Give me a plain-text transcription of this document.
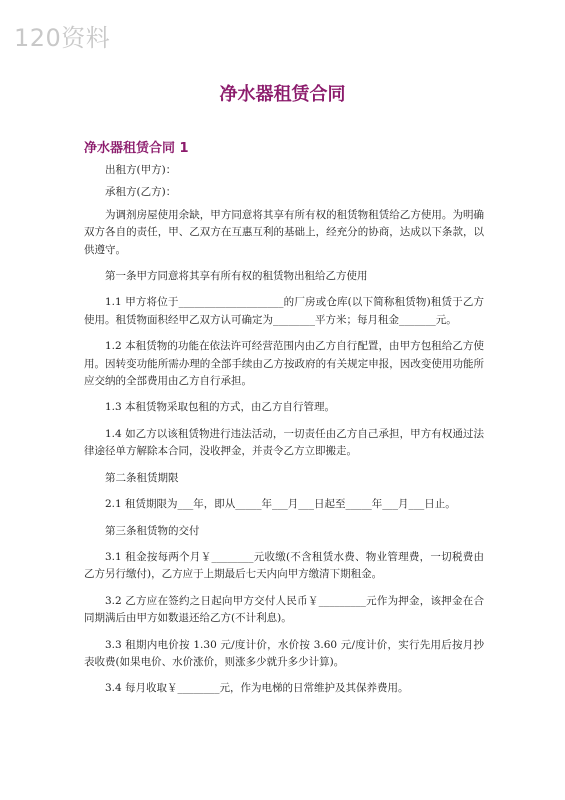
120资料
净水器租赁合同
净水器租赁合同 1

出租方(甲方)：

承租方(乙方)：

为调剂房屋使用余缺，甲方同意将其享有所有权的租赁物租赁给乙方使用。为明确双方各自的责任，甲、乙双方在互惠互利的基础上，经充分的协商，达成以下条款，以供遵守。

第一条甲方同意将其享有所有权的租赁物出租给乙方使用

1.1 甲方将位于____________________的厂房或仓库(以下简称租赁物)租赁于乙方使用。租赁物面积经甲乙双方认可确定为________平方米；每月租金_______元。

1.2 本租赁物的功能在依法许可经营范围内由乙方自行配置，由甲方包租给乙方使用。因转变功能所需办理的全部手续由乙方按政府的有关规定申报，因改变使用功能所应交纳的全部费用由乙方自行承担。

1.3 本租赁物采取包租的方式，由乙方自行管理。

1.4 如乙方以该租赁物进行违法活动，一切责任由乙方自己承担，甲方有权通过法律途径单方解除本合同，没收押金，并责令乙方立即搬走。

第二条租赁期限

2.1 租赁期限为___年，即从_____年___月___日起至_____年___月___日止。

第三条租赁物的交付

3.1 租金按每两个月￥________元收缴(不含租赁水费、物业管理费，一切税费由乙方另行缴付)，乙方应于上期最后七天内向甲方缴清下期租金。

3.2 乙方应在签约之日起向甲方交付人民币￥_________元作为押金，该押金在合同期满后由甲方如数退还给乙方(不计利息)。

3.3 租期内电价按 1.30 元/度计价，水价按 3.60 元/度计价，实行先用后按月抄表收费(如果电价、水价涨价，则涨多少就升多少计算)。

3.4 每月收取￥________元，作为电梯的日常维护及其保养费用。
